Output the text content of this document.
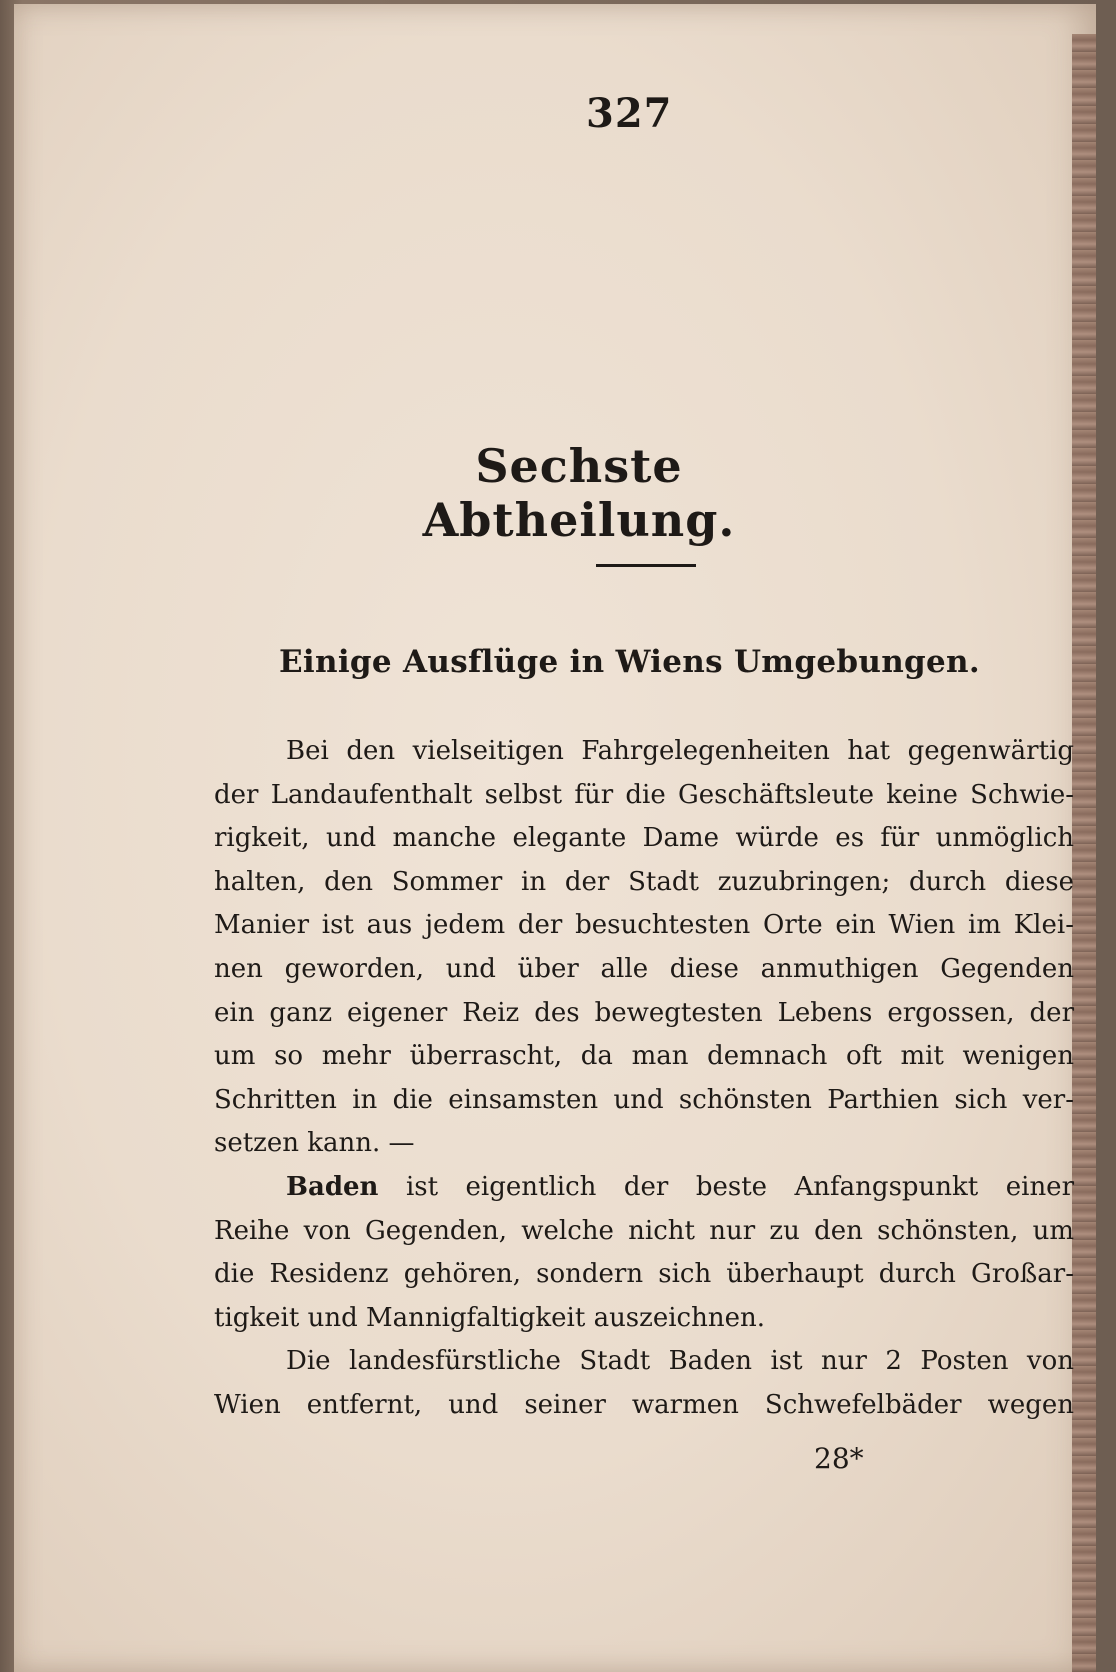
327
Sechste Abtheilung.
Einige Ausflüge in Wiens Umgebungen.
Bei den vielseitigen Fahrgelegenheiten hat gegenwärtig
der Landaufenthalt selbst für die Geschäftsleute keine Schwie-
rigkeit, und manche elegante Dame würde es für unmöglich
halten, den Sommer in der Stadt zuzubringen; durch diese
Manier ist aus jedem der besuchtesten Orte ein Wien im Klei-
nen geworden, und über alle diese anmuthigen Gegenden
ein ganz eigener Reiz des bewegtesten Lebens ergossen, der
um so mehr überrascht, da man demnach oft mit wenigen
Schritten in die einsamsten und schönsten Parthien sich ver-
setzen kann. —
Baden ist eigentlich der beste Anfangspunkt einer
Reihe von Gegenden, welche nicht nur zu den schönsten, um
die Residenz gehören, sondern sich überhaupt durch Großar-
tigkeit und Mannigfaltigkeit auszeichnen.
Die landesfürstliche Stadt Baden ist nur 2 Posten von
Wien entfernt, und seiner warmen Schwefelbäder wegen
28*
